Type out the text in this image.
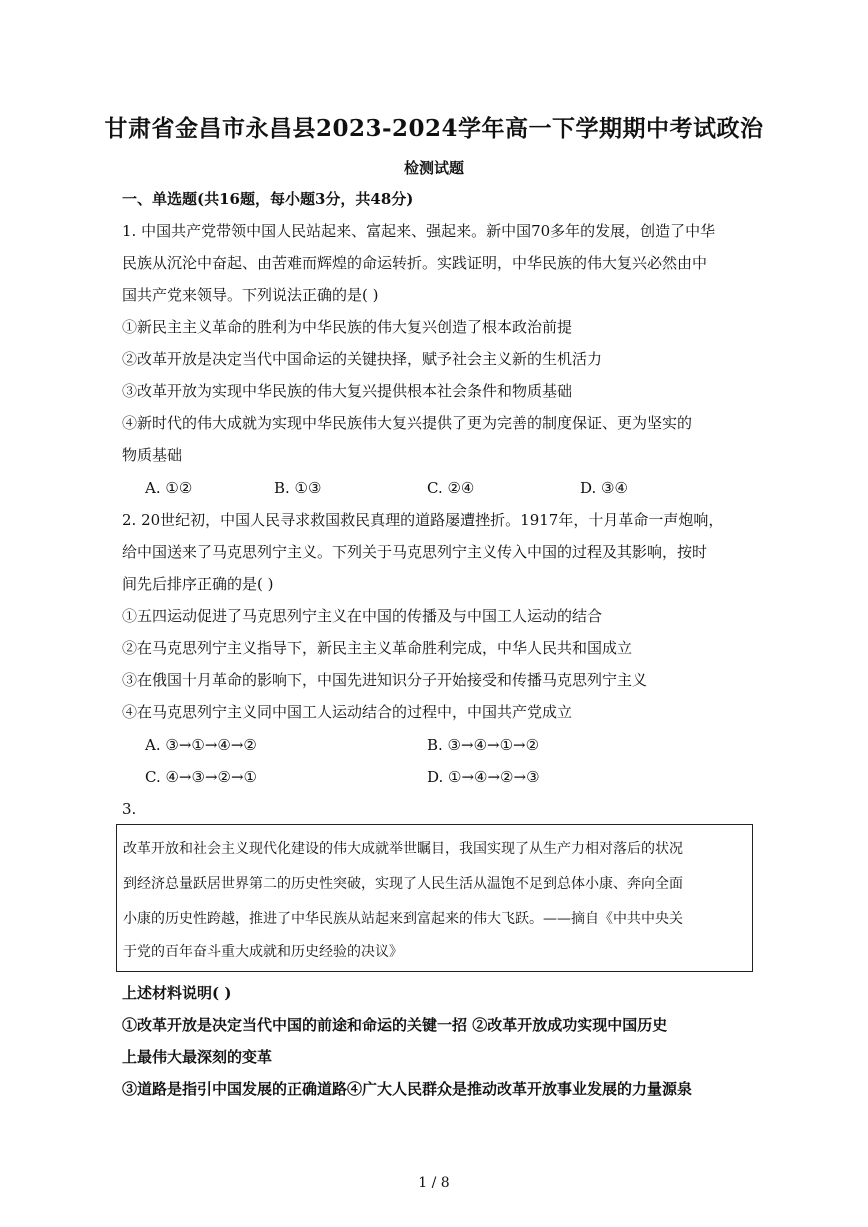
甘肃省金昌市永昌县2023-2024学年高一下学期期中考试政治
检测试题
一、单选题(共16题，每小题3分，共48分)
1. 中国共产党带领中国人民站起来、富起来、强起来。新中国70多年的发展，创造了中华
民族从沉沦中奋起、由苦难而辉煌的命运转折。实践证明，中华民族的伟大复兴必然由中
国共产党来领导。下列说法正确的是( )
①新民主主义革命的胜利为中华民族的伟大复兴创造了根本政治前提
②改革开放是决定当代中国命运的关键抉择，赋予社会主义新的生机活力
③改革开放为实现中华民族的伟大复兴提供根本社会条件和物质基础
④新时代的伟大成就为实现中华民族伟大复兴提供了更为完善的制度保证、更为坚实的
物质基础
A. ①②	B. ①③	C. ②④	D. ③④
2. 20世纪初，中国人民寻求救国救民真理的道路屡遭挫折。1917年，十月革命一声炮响，
给中国送来了马克思列宁主义。下列关于马克思列宁主义传入中国的过程及其影响，按时
间先后排序正确的是( )
①五四运动促进了马克思列宁主义在中国的传播及与中国工人运动的结合
②在马克思列宁主义指导下，新民主主义革命胜利完成，中华人民共和国成立
③在俄国十月革命的影响下，中国先进知识分子开始接受和传播马克思列宁主义
④在马克思列宁主义同中国工人运动结合的过程中，中国共产党成立
A. ③→①→④→②	B. ③→④→①→②
C. ④→③→②→①	D. ①→④→②→③
3.
改革开放和社会主义现代化建设的伟大成就举世瞩目，我国实现了从生产力相对落后的状况
到经济总量跃居世界第二的历史性突破，实现了人民生活从温饱不足到总体小康、奔向全面
小康的历史性跨越，推进了中华民族从站起来到富起来的伟大飞跃。——摘自《中共中央关
于党的百年奋斗重大成就和历史经验的决议》
上述材料说明( )
①改革开放是决定当代中国的前途和命运的关键一招 ②改革开放成功实现中国历史
上最伟大最深刻的变革
③道路是指引中国发展的正确道路④广大人民群众是推动改革开放事业发展的力量源泉
1 / 8
